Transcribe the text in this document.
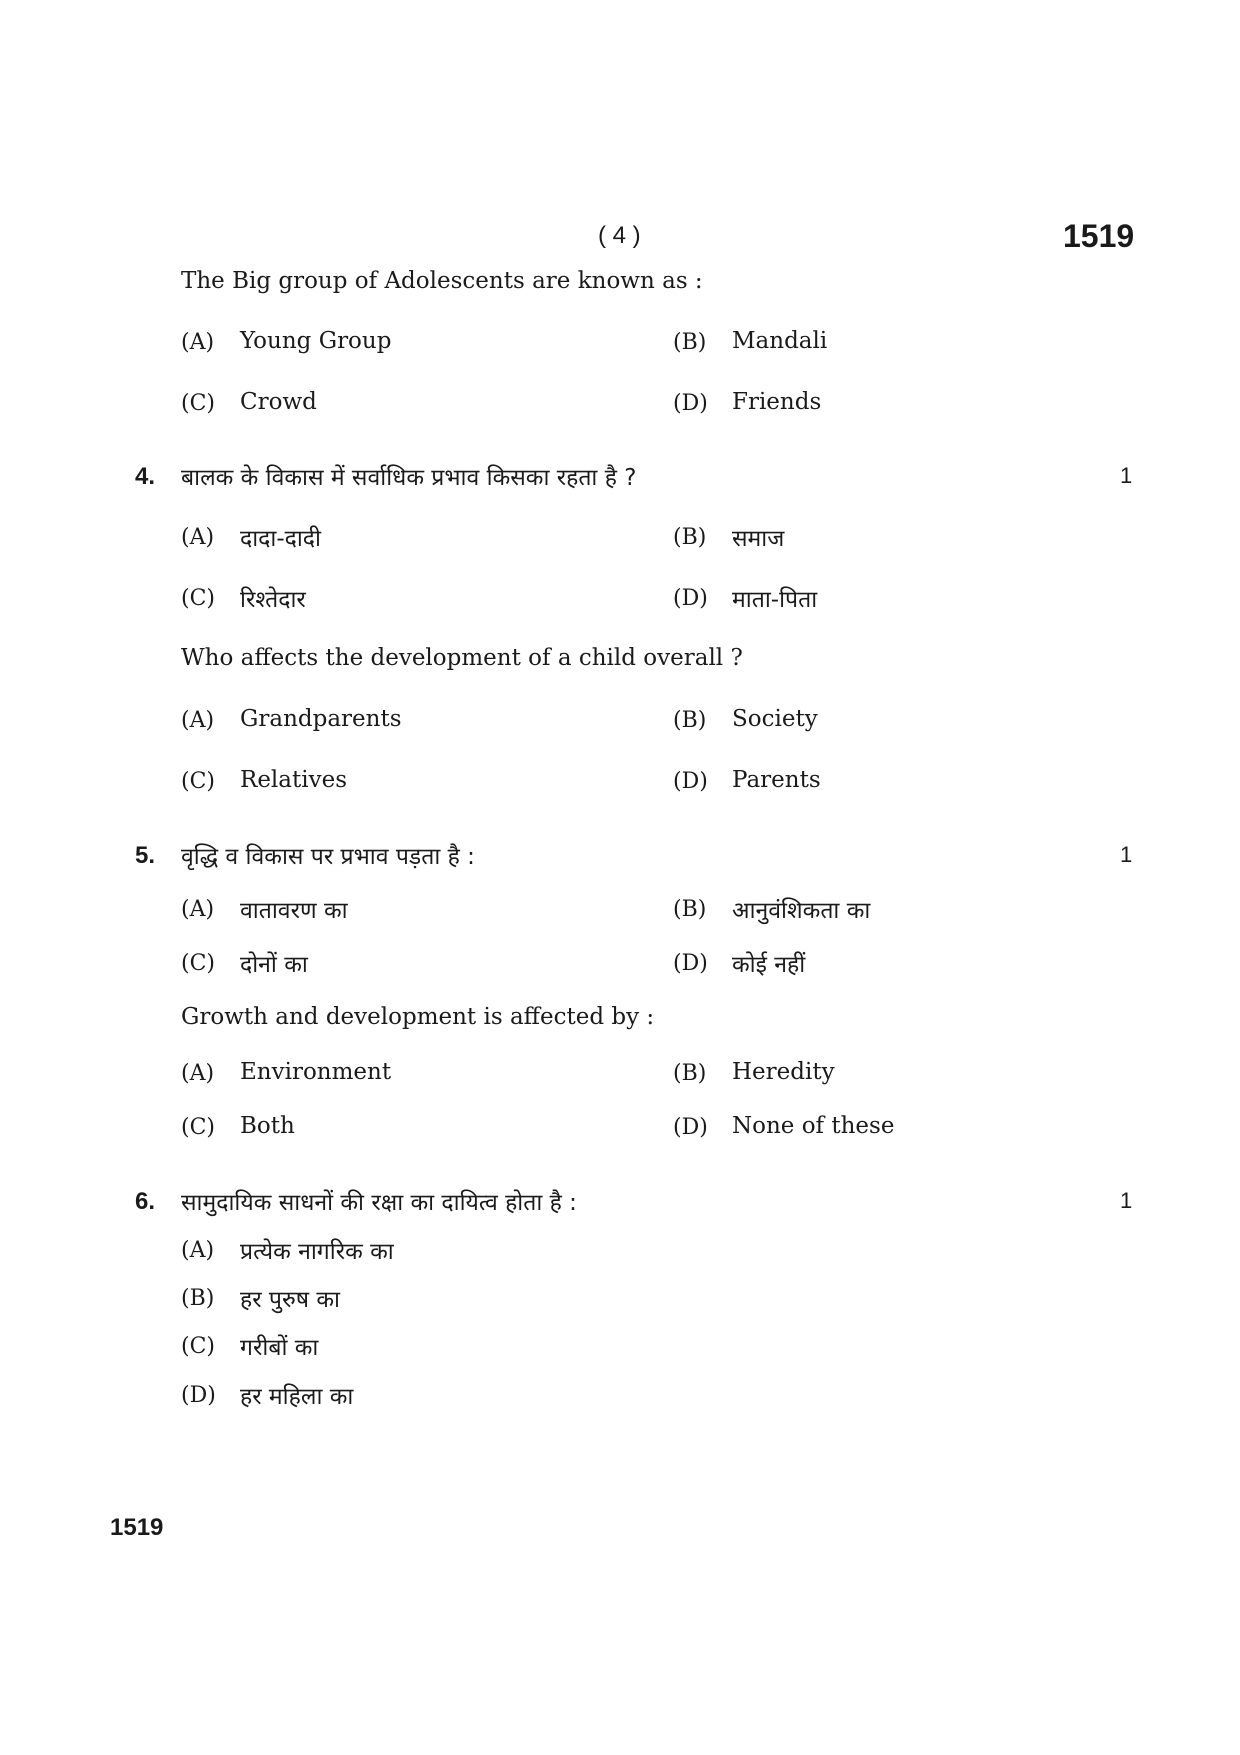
( 4 )	1519
The Big group of Adolescents are known as :
(A) Young Group	(B) Mandali
(C) Crowd	(D) Friends
4. बालक के विकास में सर्वाधिक प्रभाव किसका रहता है ?	1
(A) दादा-दादी	(B) समाज
(C) रिश्तेदार	(D) माता-पिता
Who affects the development of a child overall ?
(A) Grandparents	(B) Society
(C) Relatives	(D) Parents
5. वृद्धि व विकास पर प्रभाव पड़ता है :	1
(A) वातावरण का	(B) आनुवंशिकता का
(C) दोनों का	(D) कोई नहीं
Growth and development is affected by :
(A) Environment	(B) Heredity
(C) Both	(D) None of these
6. सामुदायिक साधनों की रक्षा का दायित्व होता है :	1
(A) प्रत्येक नागरिक का
(B) हर पुरुष का
(C) गरीबों का
(D) हर महिला का
1519
